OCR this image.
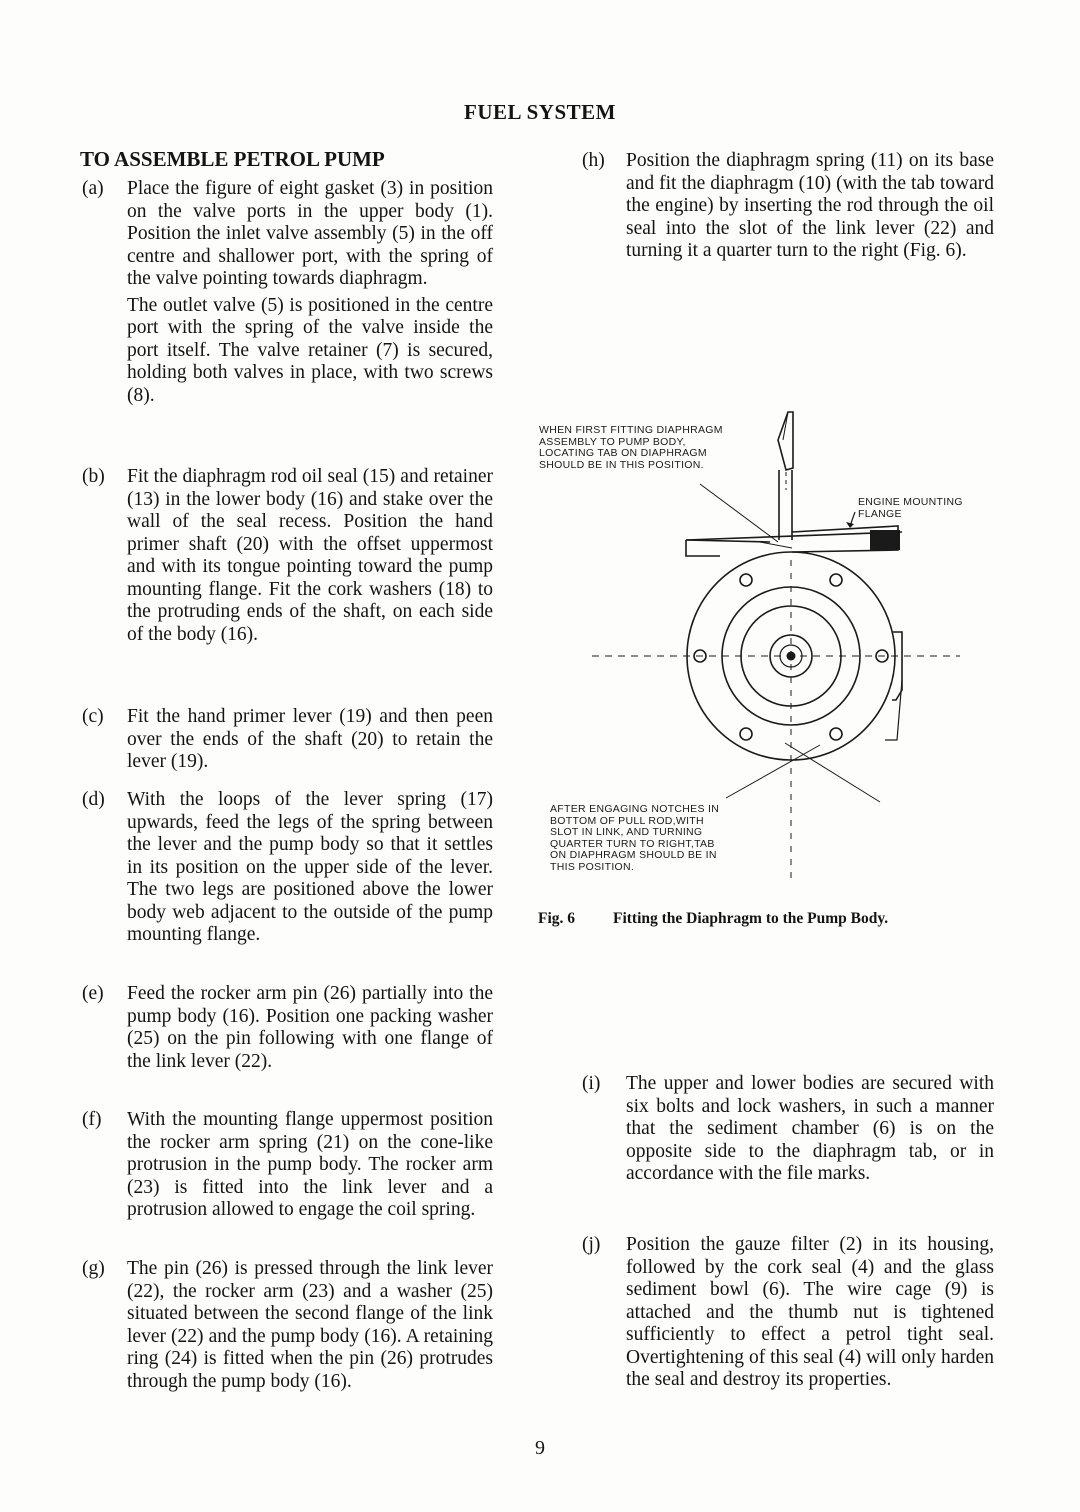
FUEL SYSTEM
TO ASSEMBLE PETROL PUMP
(a) Place the figure of eight gasket (3) in position on the valve ports in the upper body (1). Position the inlet valve assembly (5) in the off centre and shallower port, with the spring of the valve pointing towards diaphragm.

The outlet valve (5) is positioned in the centre port with the spring of the valve inside the port itself. The valve retainer (7) is secured, holding both valves in place, with two screws (8).

(b) Fit the diaphragm rod oil seal (15) and retainer (13) in the lower body (16) and stake over the wall of the seal recess. Position the hand primer shaft (20) with the offset uppermost and with its tongue pointing toward the pump mounting flange. Fit the cork washers (18) to the protruding ends of the shaft, on each side of the body (16).

(c) Fit the hand primer lever (19) and then peen over the ends of the shaft (20) to retain the lever (19).

(d) With the loops of the lever spring (17) upwards, feed the legs of the spring between the lever and the pump body so that it settles in its position on the upper side of the lever. The two legs are positioned above the lower body web adjacent to the outside of the pump mounting flange.

(e) Feed the rocker arm pin (26) partially into the pump body (16). Position one packing washer (25) on the pin following with one flange of the link lever (22).

(f) With the mounting flange uppermost position the rocker arm spring (21) on the cone-like protrusion in the pump body. The rocker arm (23) is fitted into the link lever and a protrusion allowed to engage the coil spring.

(g) The pin (26) is pressed through the link lever (22), the rocker arm (23) and a washer (25) situated between the second flange of the link lever (22) and the pump body (16). A retaining ring (24) is fitted when the pin (26) protrudes through the pump body (16).

(h) Position the diaphragm spring (11) on its base and fit the diaphragm (10) (with the tab toward the engine) by inserting the rod through the oil seal into the slot of the link lever (22) and turning it a quarter turn to the right (Fig. 6).

(i) The upper and lower bodies are secured with six bolts and lock washers, in such a manner that the sediment chamber (6) is on the opposite side to the diaphragm tab, or in accordance with the file marks.

(j) Position the gauze filter (2) in its housing, followed by the cork seal (4) and the glass sediment bowl (6). The wire cage (9) is attached and the thumb nut is tightened sufficiently to effect a petrol tight seal. Overtightening of this seal (4) will only harden the seal and destroy its properties.

WHEN FIRST FITTING DIAPHRAGM
ASSEMBLY TO PUMP BODY,
LOCATING TAB ON DIAPHRAGM
SHOULD BE IN THIS POSITION.

ENGINE MOUNTING
FLANGE

AFTER ENGAGING NOTCHES IN
BOTTOM OF PULL ROD,WITH
SLOT IN LINK, AND TURNING
QUARTER TURN TO RIGHT,TAB
ON DIAPHRAGM SHOULD BE IN
THIS POSITION.

Fig. 6 Fitting the Diaphragm to the Pump Body.
9
